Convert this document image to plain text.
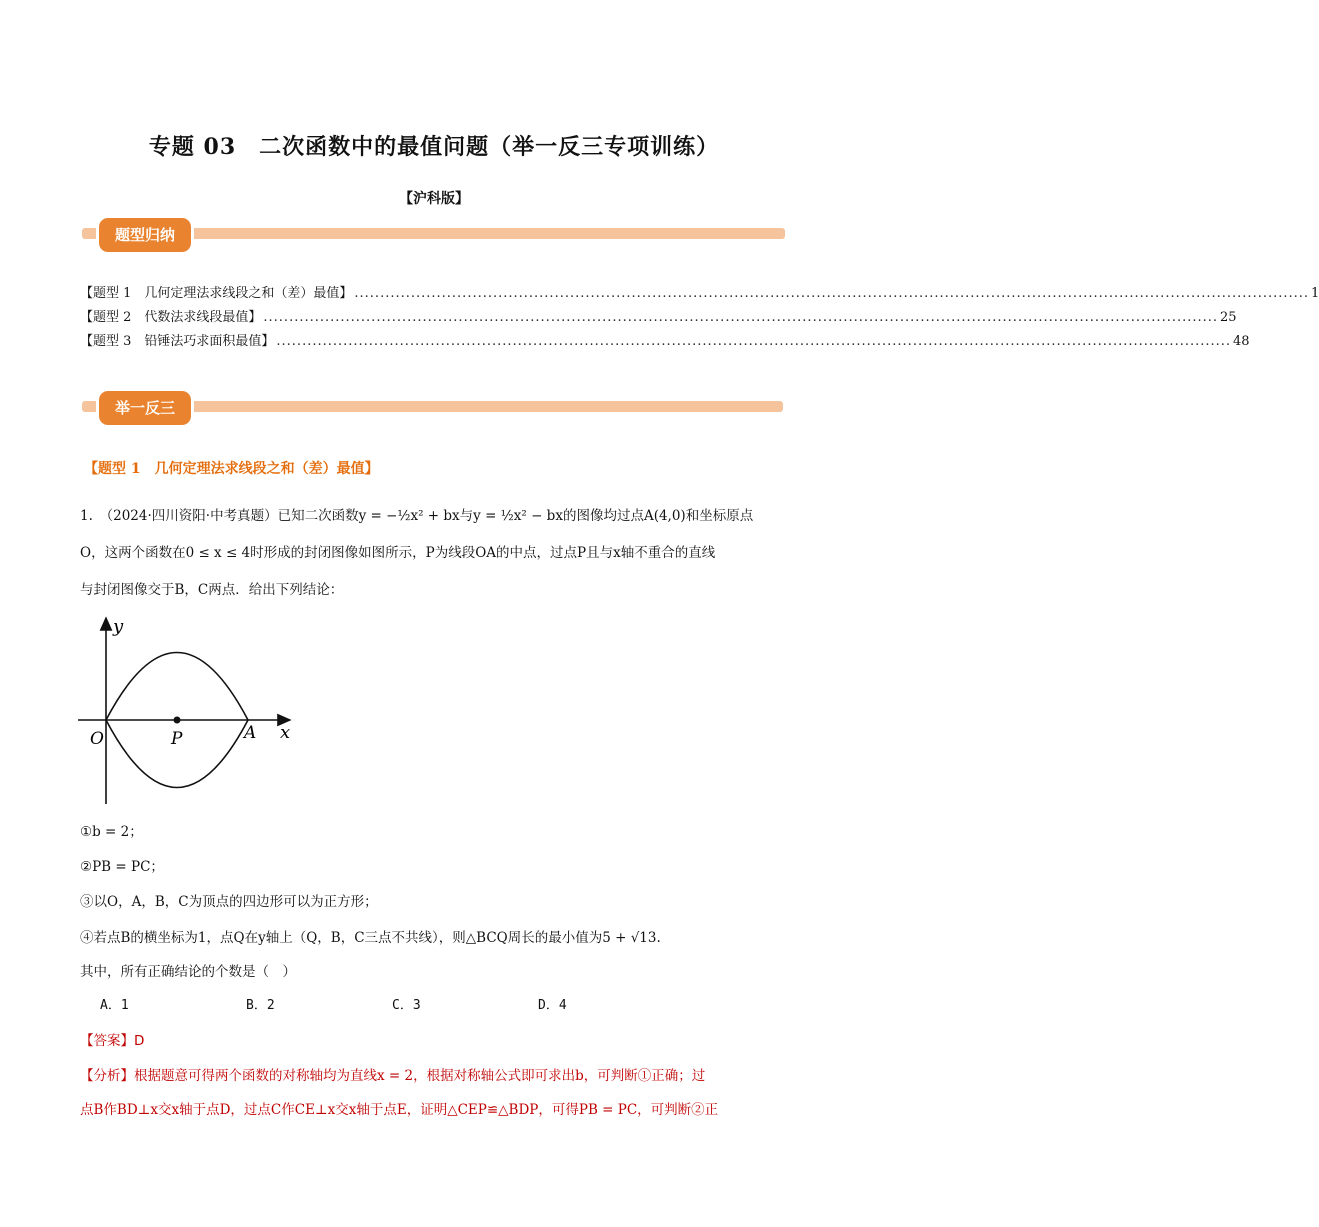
专题 03　二次函数中的最值问题（举一反三专项训练）
【沪科版】
题型归纳
【题型 1　几何定理法求线段之和（差）最值】 .......................................................................................................................................................................................... 1
【题型 2　代数法求线段最值】 .......................................................................................................................................................................................... 25
【题型 3　铅锤法巧求面积最值】 .......................................................................................................................................................................................... 48
举一反三
【题型 1　几何定理法求线段之和（差）最值】
1.　（2024·四川资阳·中考真题）已知二次函数y = −½x² + bx与y = ½x² − bx的图像均过点A(4,0)和坐标原点
O，这两个函数在0 ≤ x ≤ 4时形成的封闭图像如图所示，P为线段OA的中点，过点P且与x轴不重合的直线
与封闭图像交于B，C两点．给出下列结论：
y
x
O	P	A
①b = 2；
②PB = PC；
③以O，A，B，C为顶点的四边形可以为正方形；
④若点B的横坐标为1，点Q在y轴上（Q，B，C三点不共线），则△BCQ周长的最小值为5 + √13.
其中，所有正确结论的个数是（　）
A．1	B．2	C．3	D．4
【答案】D
【分析】根据题意可得两个函数的对称轴均为直线x = 2，根据对称轴公式即可求出b，可判断①正确；过
点B作BD⊥x交x轴于点D，过点C作CE⊥x交x轴于点E，证明△CEP≌△BDP，可得PB = PC，可判断②正
